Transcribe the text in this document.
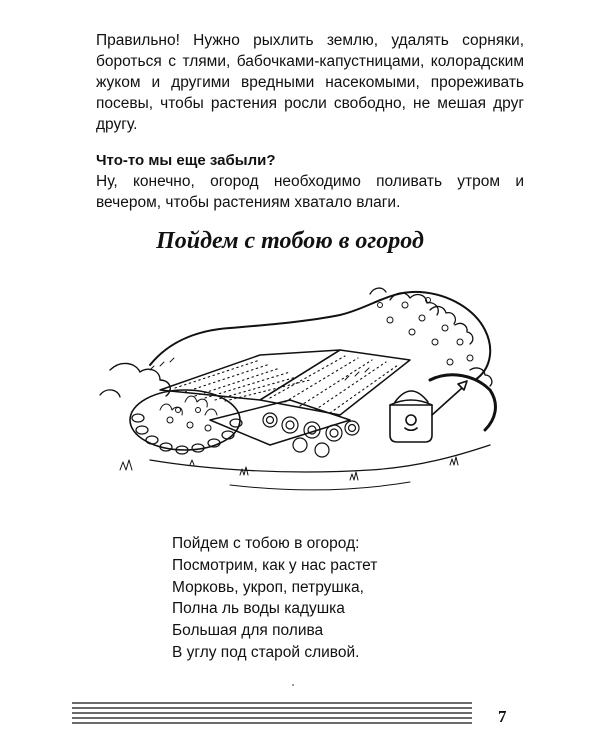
Правильно! Нужно рыхлить землю, удалять сорняки, бороться с тлями, бабочками-капустницами, колорадским жуком и другими вредными насекомыми, прореживать посевы, чтобы растения росли свободно, не мешая друг другу.
Что-то мы еще забыли?
Ну, конечно, огород необходимо поливать утром и вечером, чтобы растениям хватало влаги.
Пойдем с тобою в огород
Пойдем с тобою в огород:
Посмотрим, как у нас растет
Морковь, укроп, петрушка,
Полна ль воды кадушка
Большая для полива
В углу под старой сливой.
7
